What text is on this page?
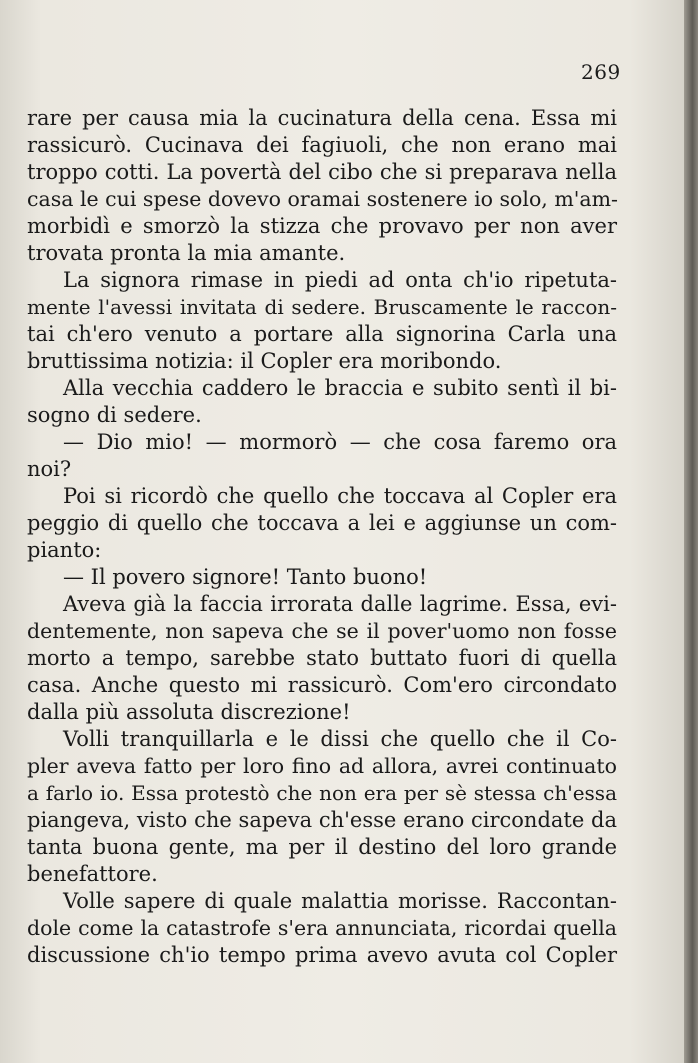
269
rare per causa mia la cucinatura della cena. Essa mi
rassicurò. Cucinava dei fagiuoli, che non erano mai
troppo cotti. La povertà del cibo che si preparava nella
casa le cui spese dovevo oramai sostenere io solo, m'am-
morbidì e smorzò la stizza che provavo per non aver
trovata pronta la mia amante.
La signora rimase in piedi ad onta ch'io ripetuta-
mente l'avessi invitata di sedere. Bruscamente le raccon-
tai ch'ero venuto a portare alla signorina Carla una
bruttissima notizia: il Copler era moribondo.
Alla vecchia caddero le braccia e subito sentì il bi-
sogno di sedere.
— Dio mio! — mormorò — che cosa faremo ora
noi?
Poi si ricordò che quello che toccava al Copler era
peggio di quello che toccava a lei e aggiunse un com-
pianto:
— Il povero signore! Tanto buono!
Aveva già la faccia irrorata dalle lagrime. Essa, evi-
dentemente, non sapeva che se il pover'uomo non fosse
morto a tempo, sarebbe stato buttato fuori di quella
casa. Anche questo mi rassicurò. Com'ero circondato
dalla più assoluta discrezione!
Volli tranquillarla e le dissi che quello che il Co-
pler aveva fatto per loro fino ad allora, avrei continuato
a farlo io. Essa protestò che non era per sè stessa ch'essa
piangeva, visto che sapeva ch'esse erano circondate da
tanta buona gente, ma per il destino del loro grande
benefattore.
Volle sapere di quale malattia morisse. Raccontan-
dole come la catastrofe s'era annunciata, ricordai quella
discussione ch'io tempo prima avevo avuta col Copler
